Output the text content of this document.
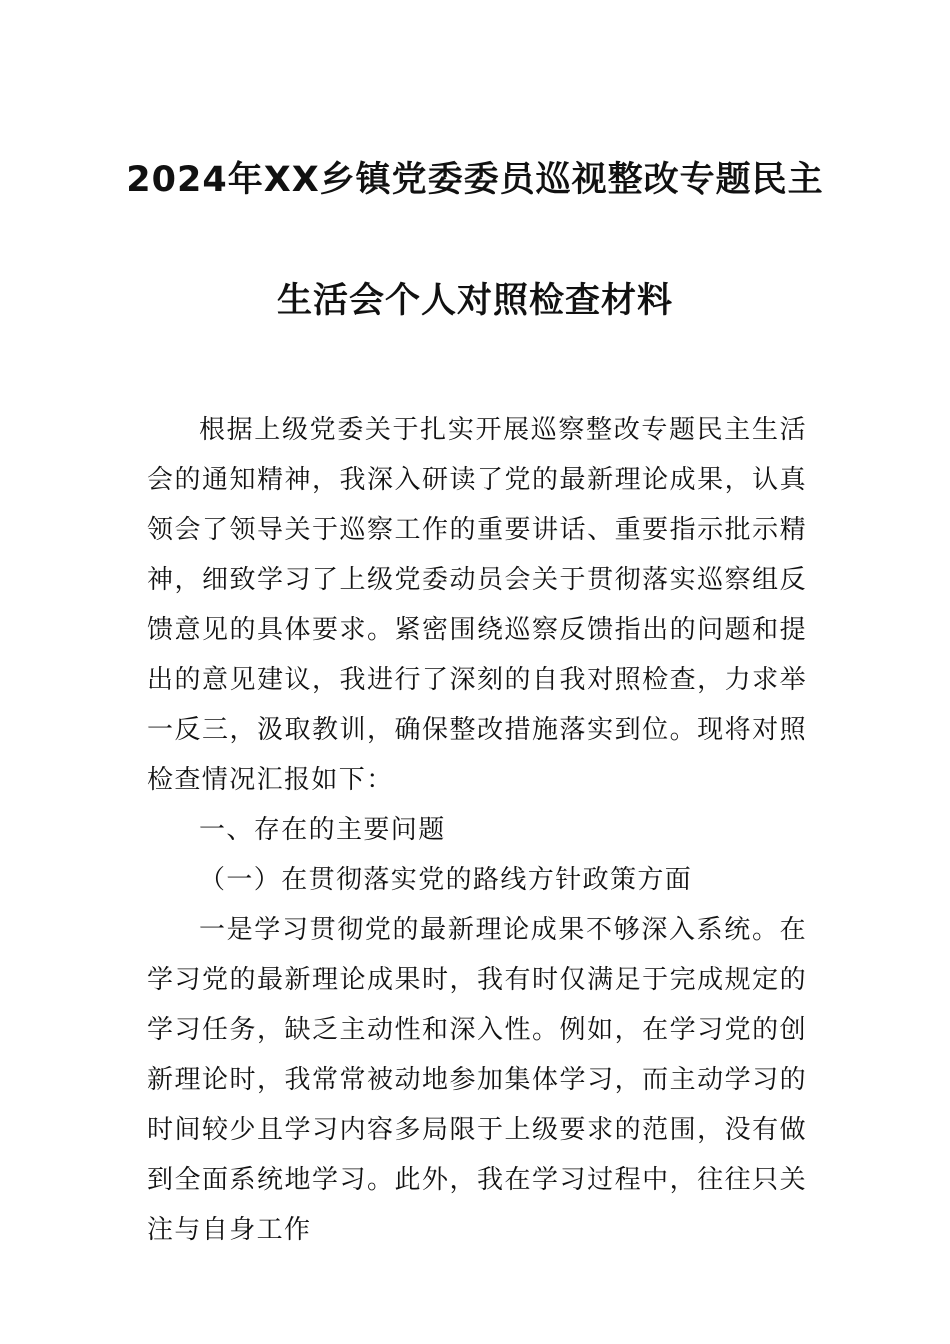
2024年XX乡镇党委委员巡视整改专题民主
生活会个人对照检查材料

根据上级党委关于扎实开展巡察整改专题民主生活会的通知精神，我深入研读了党的最新理论成果，认真领会了领导关于巡察工作的重要讲话、重要指示批示精神，细致学习了上级党委动员会关于贯彻落实巡察组反馈意见的具体要求。紧密围绕巡察反馈指出的问题和提出的意见建议，我进行了深刻的自我对照检查，力求举一反三，汲取教训，确保整改措施落实到位。现将对照检查情况汇报如下：

一、存在的主要问题

（一）在贯彻落实党的路线方针政策方面

一是学习贯彻党的最新理论成果不够深入系统。在学习党的最新理论成果时，我有时仅满足于完成规定的学习任务，缺乏主动性和深入性。例如，在学习党的创新理论时，我常常被动地参加集体学习，而主动学习的时间较少且学习内容多局限于上级要求的范围，没有做到全面系统地学习。此外，我在学习过程中，往往只关注与自身工作
